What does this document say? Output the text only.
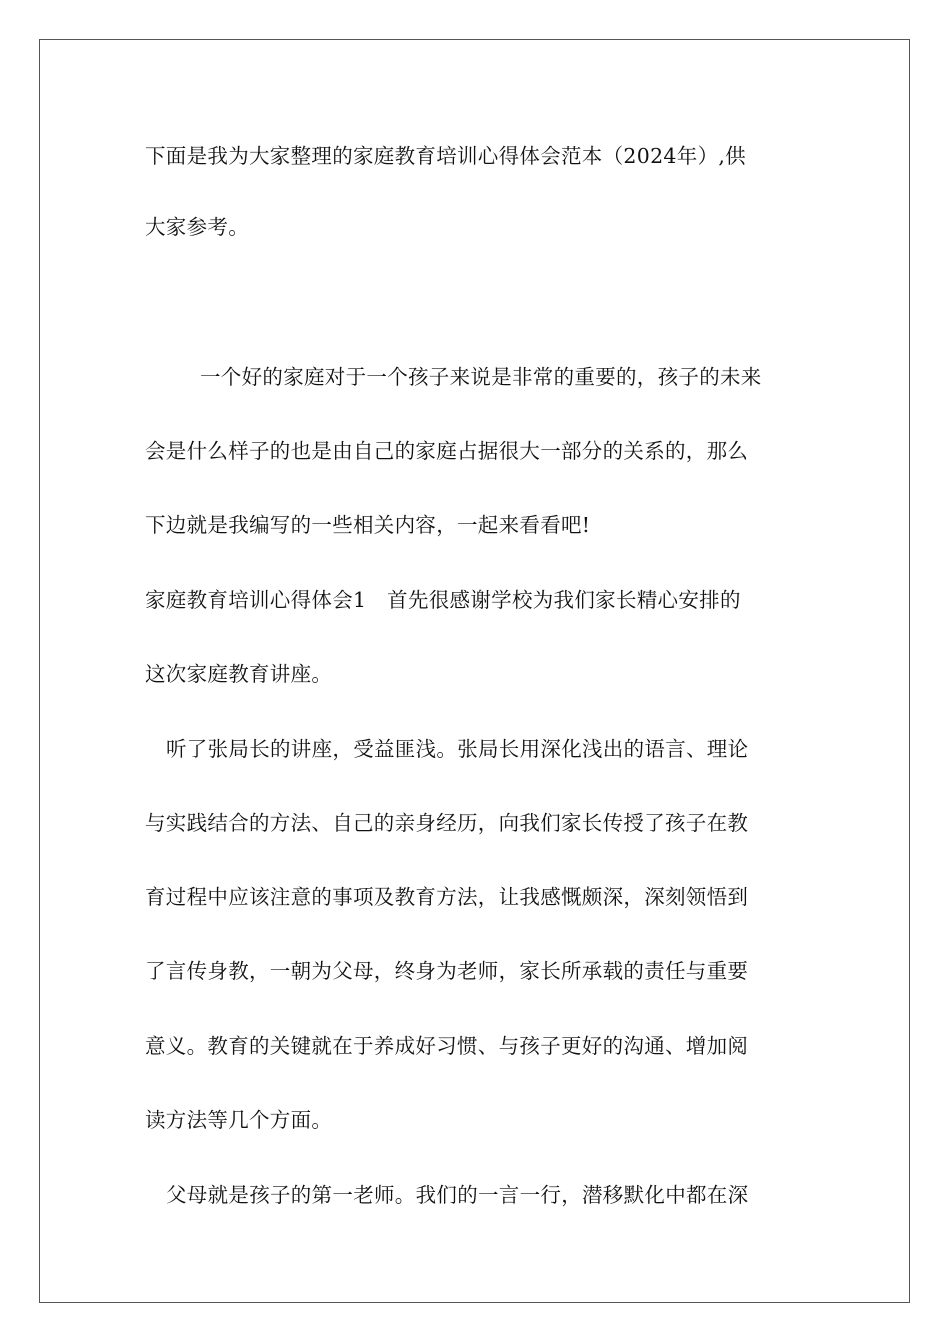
下面是我为大家整理的家庭教育培训心得体会范本（2024年）,供
大家参考。
一个好的家庭对于一个孩子来说是非常的重要的，孩子的未来
会是什么样子的也是由自己的家庭占据很大一部分的关系的，那么
下边就是我编写的一些相关内容，一起来看看吧!
家庭教育培训心得体会1　首先很感谢学校为我们家长精心安排的
这次家庭教育讲座。
听了张局长的讲座，受益匪浅。张局长用深化浅出的语言、理论
与实践结合的方法、自己的亲身经历，向我们家长传授了孩子在教
育过程中应该注意的事项及教育方法，让我感慨颇深，深刻领悟到
了言传身教，一朝为父母，终身为老师，家长所承载的责任与重要
意义。教育的关键就在于养成好习惯、与孩子更好的沟通、增加阅
读方法等几个方面。
父母就是孩子的第一老师。我们的一言一行，潜移默化中都在深
